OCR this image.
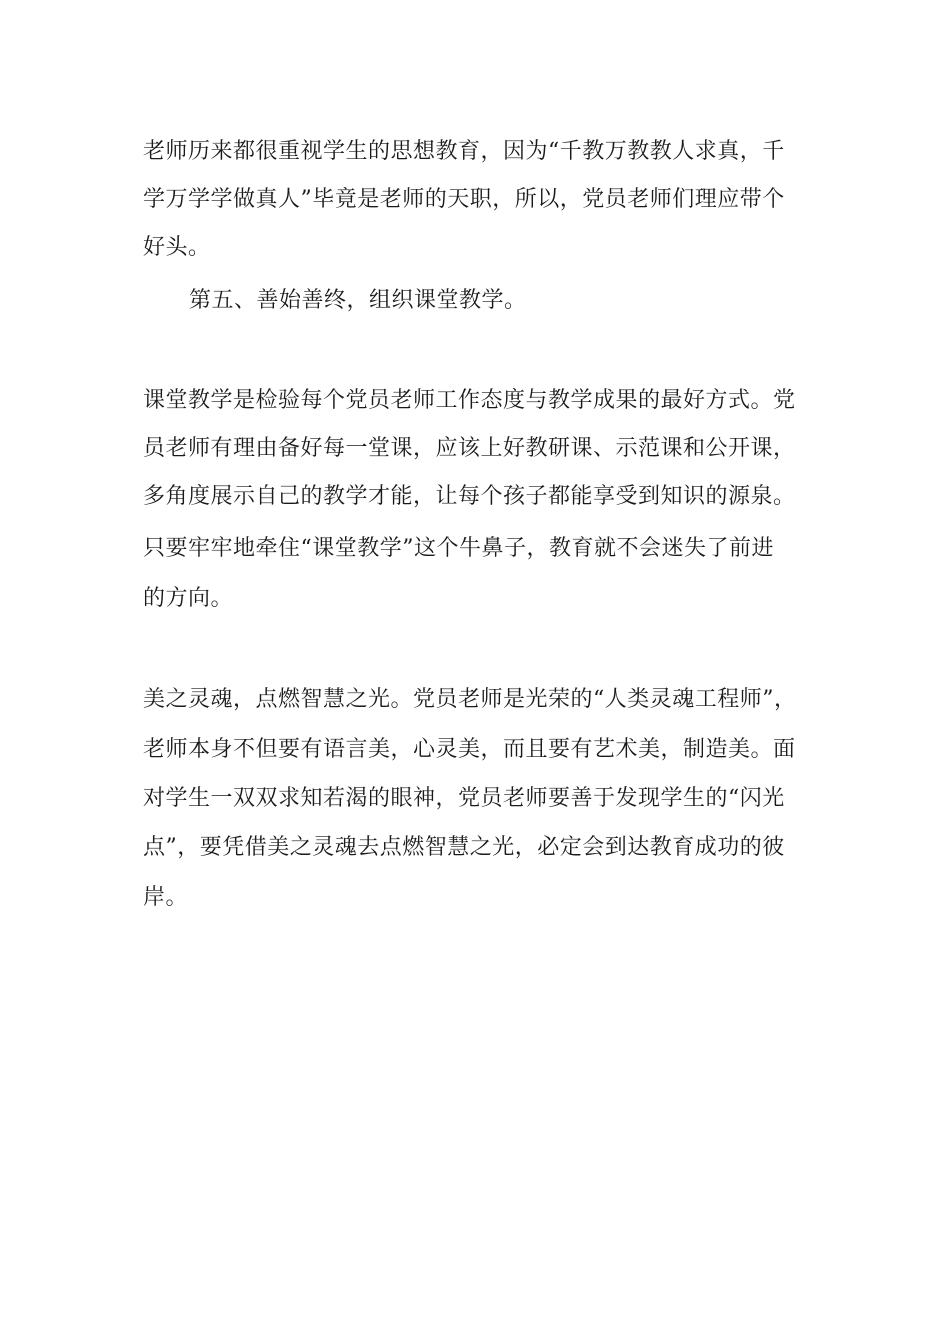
老师历来都很重视学生的思想教育，因为“千教万教教人求真，千
学万学学做真人”毕竟是老师的天职，所以，党员老师们理应带个
好头。
第五、善始善终，组织课堂教学。
课堂教学是检验每个党员老师工作态度与教学成果的最好方式。党
员老师有理由备好每一堂课，应该上好教研课、示范课和公开课，
多角度展示自己的教学才能，让每个孩子都能享受到知识的源泉。
只要牢牢地牵住“课堂教学”这个牛鼻子，教育就不会迷失了前进
的方向。
美之灵魂，点燃智慧之光。党员老师是光荣的“人类灵魂工程师”，
老师本身不但要有语言美，心灵美，而且要有艺术美，制造美。面
对学生一双双求知若渴的眼神，党员老师要善于发现学生的“闪光
点”，要凭借美之灵魂去点燃智慧之光，必定会到达教育成功的彼
岸。
